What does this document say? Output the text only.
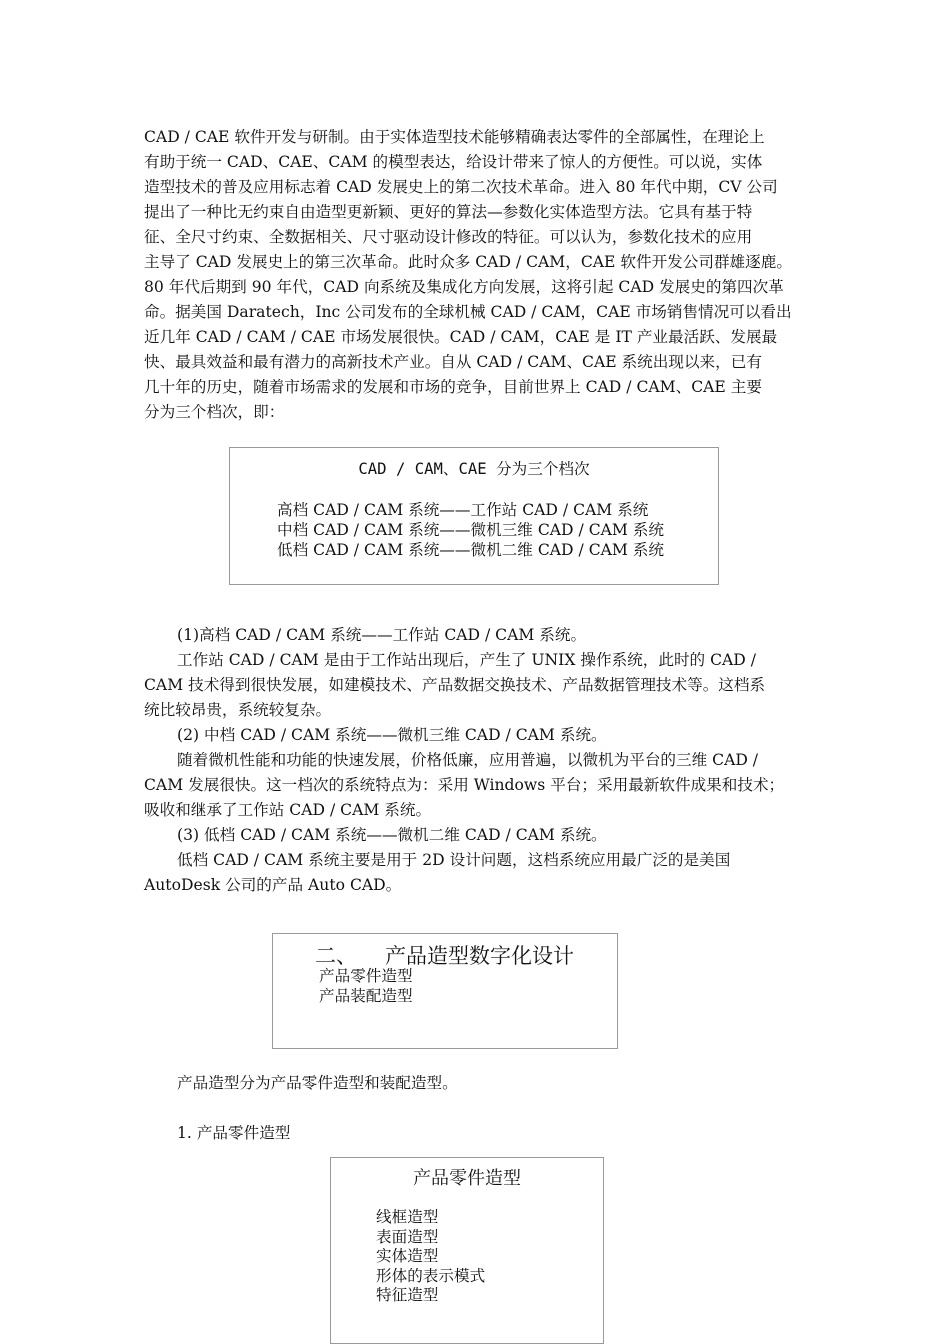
CAD / CAE 软件开发与研制。由于实体造型技术能够精确表达零件的全部属性，在理论上
有助于统一 CAD、CAE、CAM 的模型表达，给设计带来了惊人的方便性。可以说，实体
造型技术的普及应用标志着 CAD 发展史上的第二次技术革命。进入 80 年代中期，CV 公司
提出了一种比无约束自由造型更新颖、更好的算法—参数化实体造型方法。它具有基于特
征、全尺寸约束、全数据相关、尺寸驱动设计修改的特征。可以认为，参数化技术的应用
主导了 CAD 发展史上的第三次革命。此时众多 CAD / CAM，CAE 软件开发公司群雄逐鹿。
80 年代后期到 90 年代，CAD 向系统及集成化方向发展，这将引起 CAD 发展史的第四次革
命。据美国 Daratech，Inc 公司发布的全球机械 CAD / CAM，CAE 市场销售情况可以看出
近几年 CAD / CAM / CAE 市场发展很快。CAD / CAM，CAE 是 IT 产业最活跃、发展最
快、最具效益和最有潜力的高新技术产业。自从 CAD / CAM、CAE 系统出现以来，已有
几十年的历史，随着市场需求的发展和市场的竞争，目前世界上 CAD / CAM、CAE 主要
分为三个档次，即：
CAD / CAM、CAE 分为三个档次
高档 CAD / CAM 系统——工作站 CAD / CAM 系统
中档 CAD / CAM 系统——微机三维 CAD / CAM 系统
低档 CAD / CAM 系统——微机二维 CAD / CAM 系统
(1)高档 CAD / CAM 系统——工作站 CAD / CAM 系统。
工作站 CAD / CAM 是由于工作站出现后，产生了 UNIX 操作系统，此时的 CAD /
CAM 技术得到很快发展，如建模技术、产品数据交换技术、产品数据管理技术等。这档系
统比较昂贵，系统较复杂。
(2) 中档 CAD / CAM 系统——微机三维 CAD / CAM 系统。
随着微机性能和功能的快速发展，价格低廉，应用普遍，以微机为平台的三维 CAD /
CAM 发展很快。这一档次的系统特点为：采用 Windows 平台；采用最新软件成果和技术；
吸收和继承了工作站 CAD / CAM 系统。
(3) 低档 CAD / CAM 系统——微机二维 CAD / CAM 系统。
低档 CAD / CAM 系统主要是用于 2D 设计问题，这档系统应用最广泛的是美国
AutoDesk 公司的产品 Auto CAD。
二、 产品造型数字化设计
产品零件造型
产品装配造型

产品造型分为产品零件造型和装配造型。

1. 产品零件造型

产品零件造型
线框造型
表面造型
实体造型
形体的表示模式
特征造型
